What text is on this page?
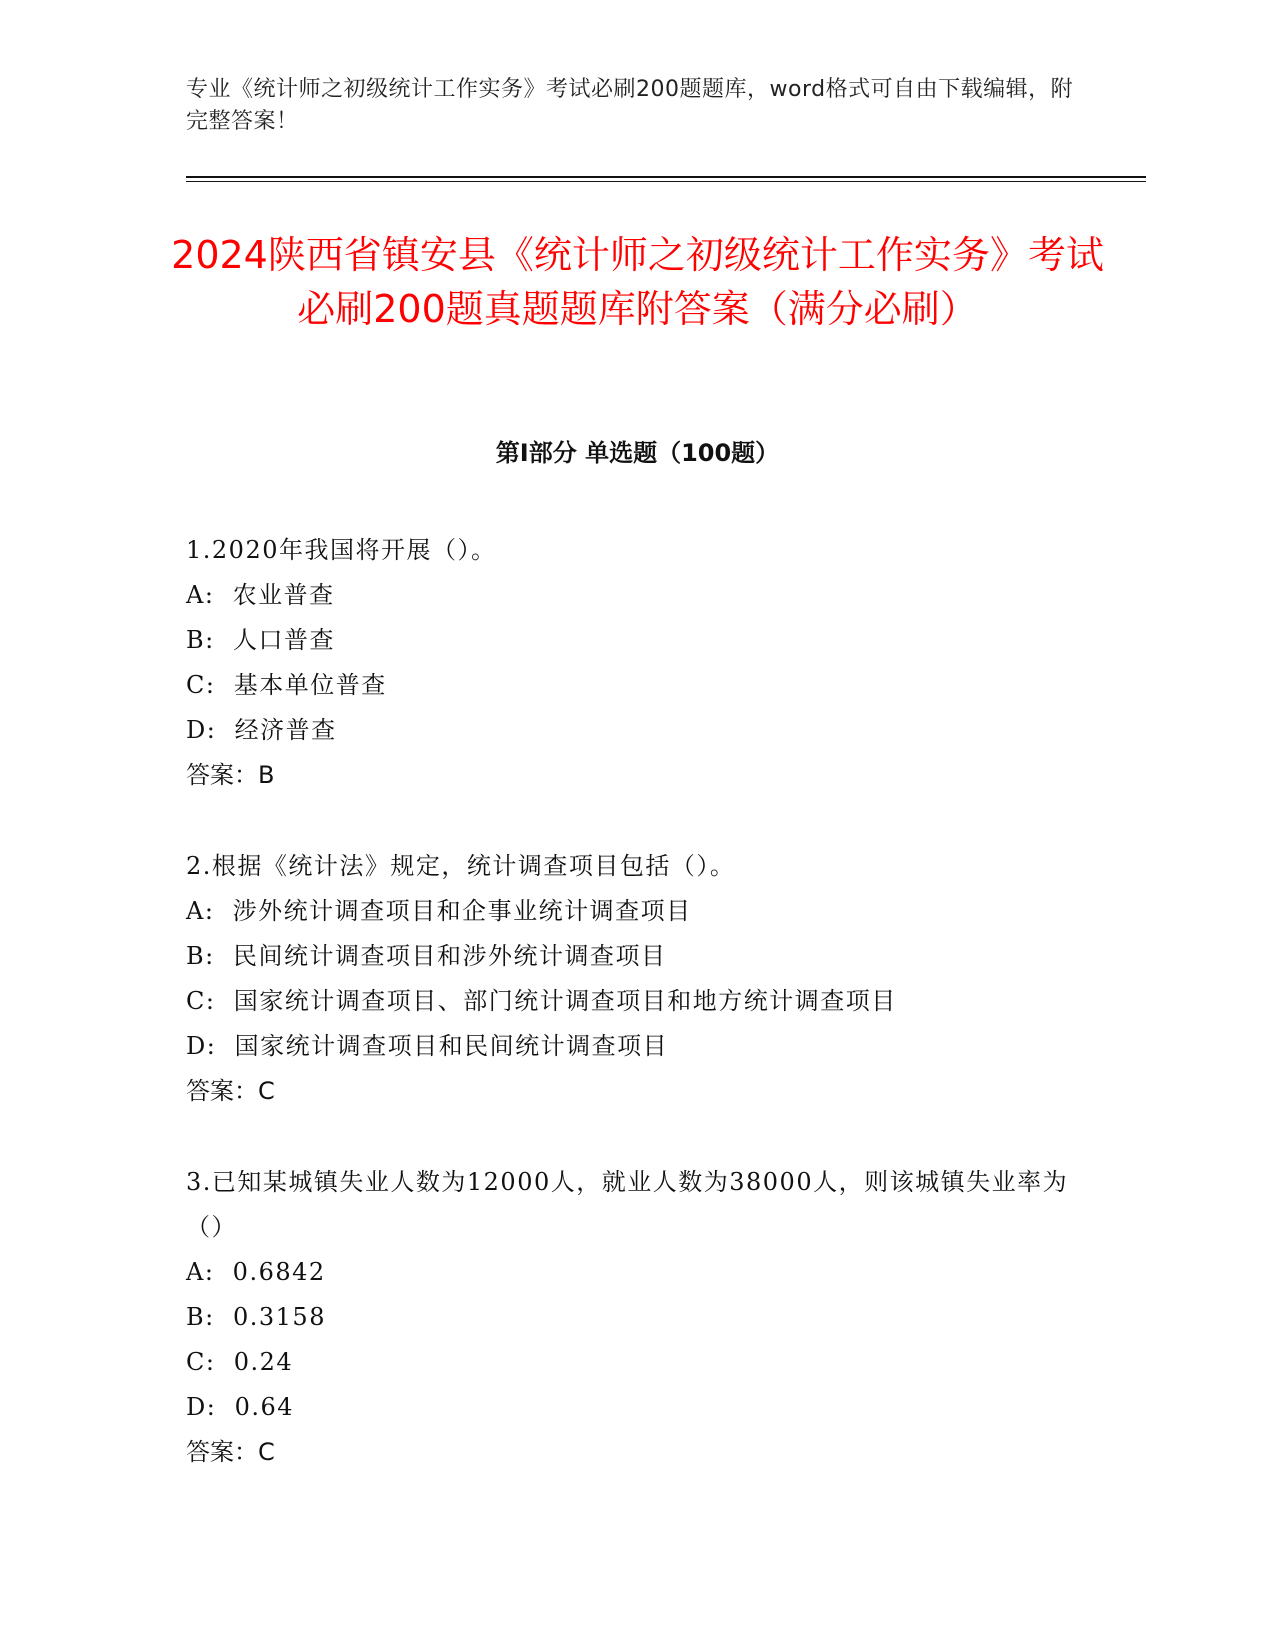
专业《统计师之初级统计工作实务》考试必刷200题题库，word格式可自由下载编辑，附完整答案！
2024陕西省镇安县《统计师之初级统计工作实务》考试必刷200题真题题库附答案（满分必刷）
第Ⅰ部分 单选题（100题）
1.2020年我国将开展（）。
A:  农业普查
B:  人口普查
C:  基本单位普查
D:  经济普查
答案：B
2.根据《统计法》规定，统计调查项目包括（）。
A:  涉外统计调查项目和企事业统计调查项目
B:  民间统计调查项目和涉外统计调查项目
C:  国家统计调查项目、部门统计调查项目和地方统计调查项目
D:  国家统计调查项目和民间统计调查项目
答案：C
3.已知某城镇失业人数为12000人，就业人数为38000人，则该城镇失业率为（）
A:  0.6842
B:  0.3158
C:  0.24
D:  0.64
答案：C
